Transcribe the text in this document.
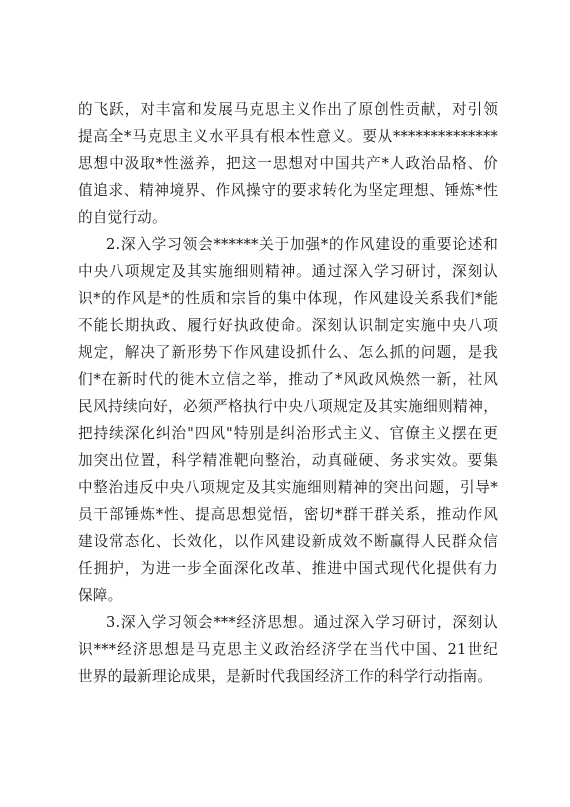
的飞跃，对丰富和发展马克思主义作出了原创性贡献，对引领
提高全*马克思主义水平具有根本性意义。要从**************
思想中汲取*性滋养，把这一思想对中国共产*人政治品格、价
值追求、精神境界、作风操守的要求转化为坚定理想、锤炼*性
的自觉行动。
2.深入学习领会******关于加强*的作风建设的重要论述和
中央八项规定及其实施细则精神。通过深入学习研讨，深刻认
识*的作风是*的性质和宗旨的集中体现，作风建设关系我们*能
不能长期执政、履行好执政使命。深刻认识制定实施中央八项
规定，解决了新形势下作风建设抓什么、怎么抓的问题，是我
们*在新时代的徙木立信之举，推动了*风政风焕然一新，社风
民风持续向好，必须严格执行中央八项规定及其实施细则精神，
把持续深化纠治"四风"特别是纠治形式主义、官僚主义摆在更
加突出位置，科学精准靶向整治，动真碰硬、务求实效。要集
中整治违反中央八项规定及其实施细则精神的突出问题，引导*
员干部锤炼*性、提高思想觉悟，密切*群干群关系，推动作风
建设常态化、长效化，以作风建设新成效不断赢得人民群众信
任拥护，为进一步全面深化改革、推进中国式现代化提供有力
保障。
3.深入学习领会***经济思想。通过深入学习研讨，深刻认
识***经济思想是马克思主义政治经济学在当代中国、21世纪
世界的最新理论成果，是新时代我国经济工作的科学行动指南。
